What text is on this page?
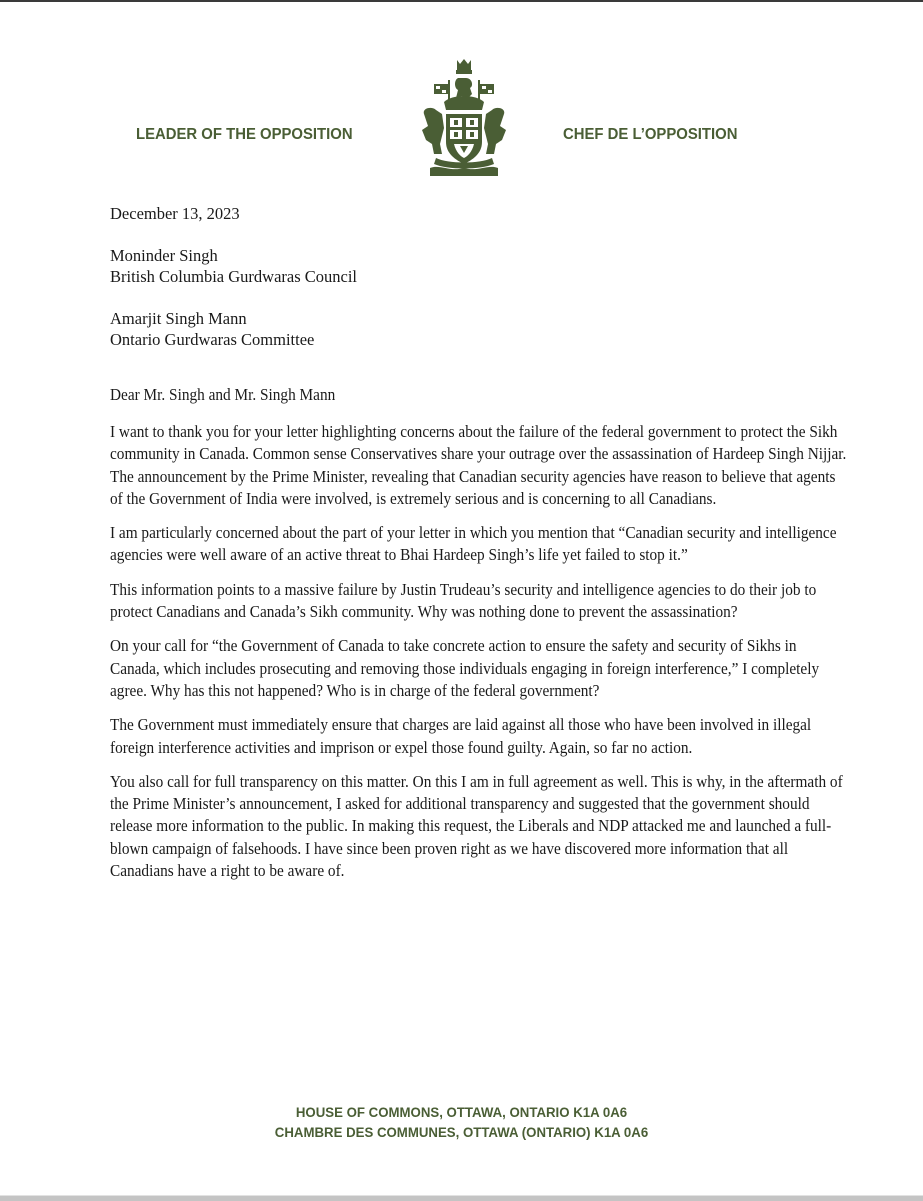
LEADER OF THE OPPOSITION	CHEF DE L’OPPOSITION
December 13, 2023
Moninder Singh
British Columbia Gurdwaras Council
Amarjit Singh Mann
Ontario Gurdwaras Committee
Dear Mr. Singh and Mr. Singh Mann

I want to thank you for your letter highlighting concerns about the failure of the federal government to protect the Sikh community in Canada. Common sense Conservatives share your outrage over the assassination of Hardeep Singh Nijjar. The announcement by the Prime Minister, revealing that Canadian security agencies have reason to believe that agents of the Government of India were involved, is extremely serious and is concerning to all Canadians.

I am particularly concerned about the part of your letter in which you mention that “Canadian security and intelligence agencies were well aware of an active threat to Bhai Hardeep Singh’s life yet failed to stop it.”

This information points to a massive failure by Justin Trudeau’s security and intelligence agencies to do their job to protect Canadians and Canada’s Sikh community. Why was nothing done to prevent the assassination?

On your call for “the Government of Canada to take concrete action to ensure the safety and security of Sikhs in Canada, which includes prosecuting and removing those individuals engaging in foreign interference,” I completely agree. Why has this not happened? Who is in charge of the federal government?

The Government must immediately ensure that charges are laid against all those who have been involved in illegal foreign interference activities and imprison or expel those found guilty. Again, so far no action.

You also call for full transparency on this matter. On this I am in full agreement as well. This is why, in the aftermath of the Prime Minister’s announcement, I asked for additional transparency and suggested that the government should release more information to the public. In making this request, the Liberals and NDP attacked me and launched a full-blown campaign of falsehoods. I have since been proven right as we have discovered more information that all Canadians have a right to be aware of.

HOUSE OF COMMONS, OTTAWA, ONTARIO K1A 0A6
CHAMBRE DES COMMUNES, OTTAWA (ONTARIO) K1A 0A6
